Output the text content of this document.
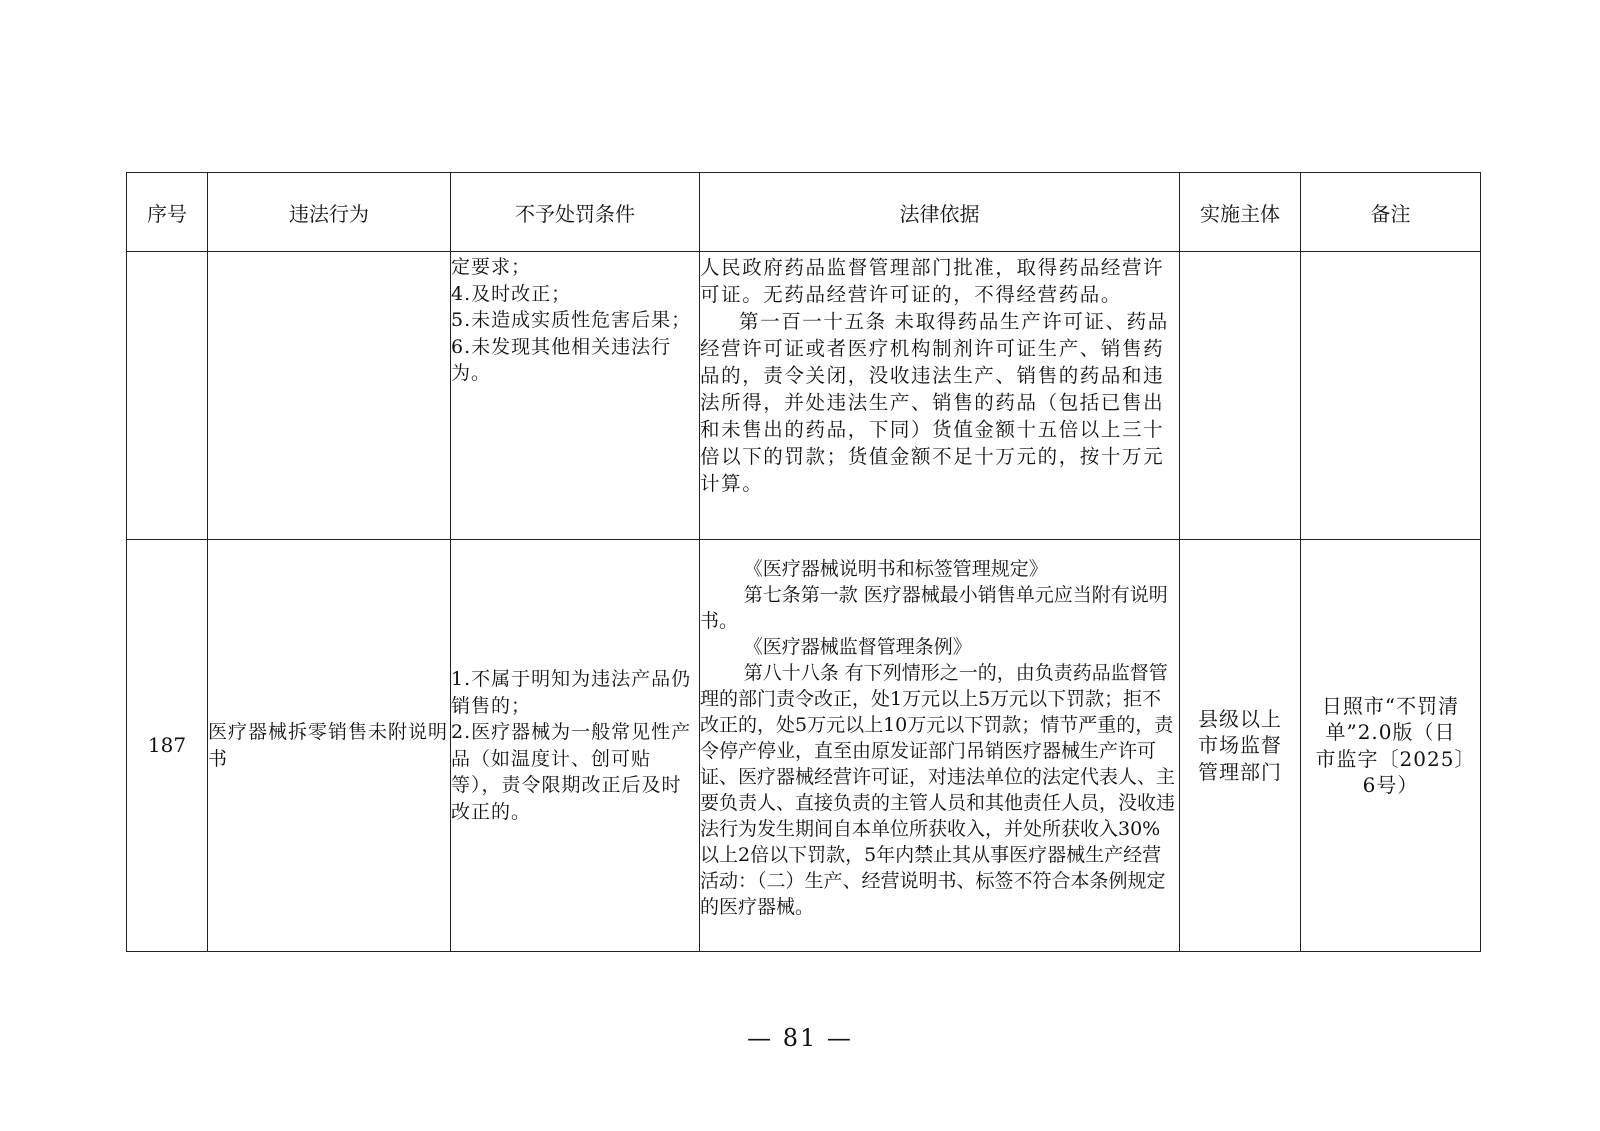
序号	违法行为	不予处罚条件	法律依据	实施主体	备注

		定要求；
4.及时改正；
5.未造成实质性危害后果；
6.未发现其他相关违法行为。	人民政府药品监督管理部门批准，取得药品经营许可证。无药品经营许可证的，不得经营药品。
第一百一十五条 未取得药品生产许可证、药品经营许可证或者医疗机构制剂许可证生产、销售药品的，责令关闭，没收违法生产、销售的药品和违法所得，并处违法生产、销售的药品（包括已售出和未售出的药品，下同）货值金额十五倍以上三十倍以下的罚款；货值金额不足十万元的，按十万元计算。		

187	医疗器械拆零销售未附说明书	1.不属于明知为违法产品仍销售的；
2.医疗器械为一般常见性产品（如温度计、创可贴等），责令限期改正后及时改正的。	《医疗器械说明书和标签管理规定》
第七条第一款 医疗器械最小销售单元应当附有说明书。
《医疗器械监督管理条例》
第八十八条 有下列情形之一的，由负责药品监督管理的部门责令改正，处1万元以上5万元以下罚款；拒不改正的，处5万元以上10万元以下罚款；情节严重的，责令停产停业，直至由原发证部门吊销医疗器械生产许可证、医疗器械经营许可证，对违法单位的法定代表人、主要负责人、直接负责的主管人员和其他责任人员，没收违法行为发生期间自本单位所获收入，并处所获收入30%以上2倍以下罚款，5年内禁止其从事医疗器械生产经营活动：（二）生产、经营说明书、标签不符合本条例规定的医疗器械。	县级以上市场监督管理部门	日照市“不罚清单”2.0版（日市监字〔2025〕6号）
— 81 —
